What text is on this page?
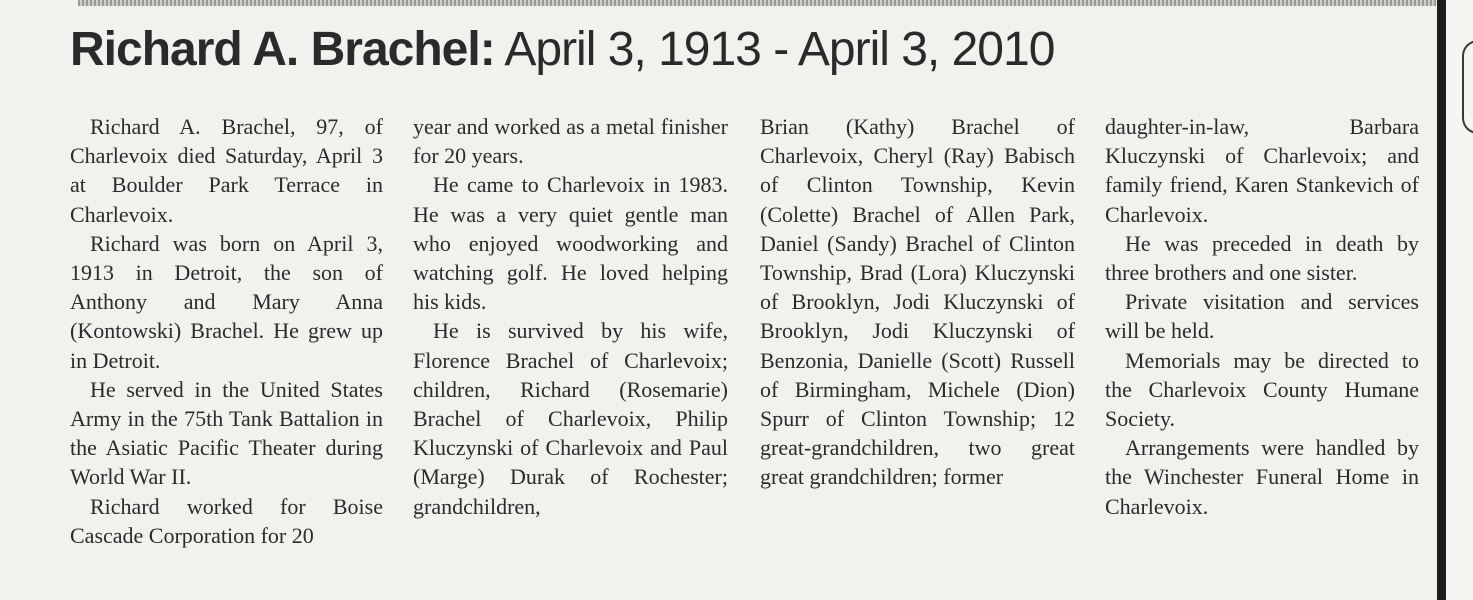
Richard A. Brachel: April 3, 1913 - April 3, 2010

Richard A. Brachel, 97, of Charlevoix died Saturday, April 3 at Boulder Park Terrace in Charlevoix.

Richard was born on April 3, 1913 in Detroit, the son of Anthony and Mary Anna (Kontowski) Brachel. He grew up in Detroit.

He served in the United States Army in the 75th Tank Battalion in the Asiatic Pacific Theater during World War II.

Richard worked for Boise Cascade Corporation for 20

year and worked as a metal finisher for 20 years.

He came to Charlevoix in 1983. He was a very quiet gentle man who enjoyed woodworking and watching golf. He loved helping his kids.

He is survived by his wife, Florence Brachel of Charlevoix; children, Richard (Rosemarie) Brachel of Charlevoix, Philip Kluczynski of Charlevoix and Paul (Marge) Durak of Rochester; grandchildren,

Brian (Kathy) Brachel of Charlevoix, Cheryl (Ray) Babisch of Clinton Township, Kevin (Colette) Brachel of Allen Park, Daniel (Sandy) Brachel of Clinton Township, Brad (Lora) Kluczynski of Brooklyn, Jodi Kluczynski of Brooklyn, Jodi Kluczynski of Benzonia, Danielle (Scott) Russell of Birmingham, Michele (Dion) Spurr of Clinton Township; 12 great-grandchildren, two great great grandchildren; former

daughter-in-law, Barbara Kluczynski of Charlevoix; and family friend, Karen Stankevich of Charlevoix.

He was preceded in death by three brothers and one sister.

Private visitation and services will be held.

Memorials may be directed to the Charlevoix County Humane Society.

Arrangements were handled by the Winchester Funeral Home in Charlevoix.
